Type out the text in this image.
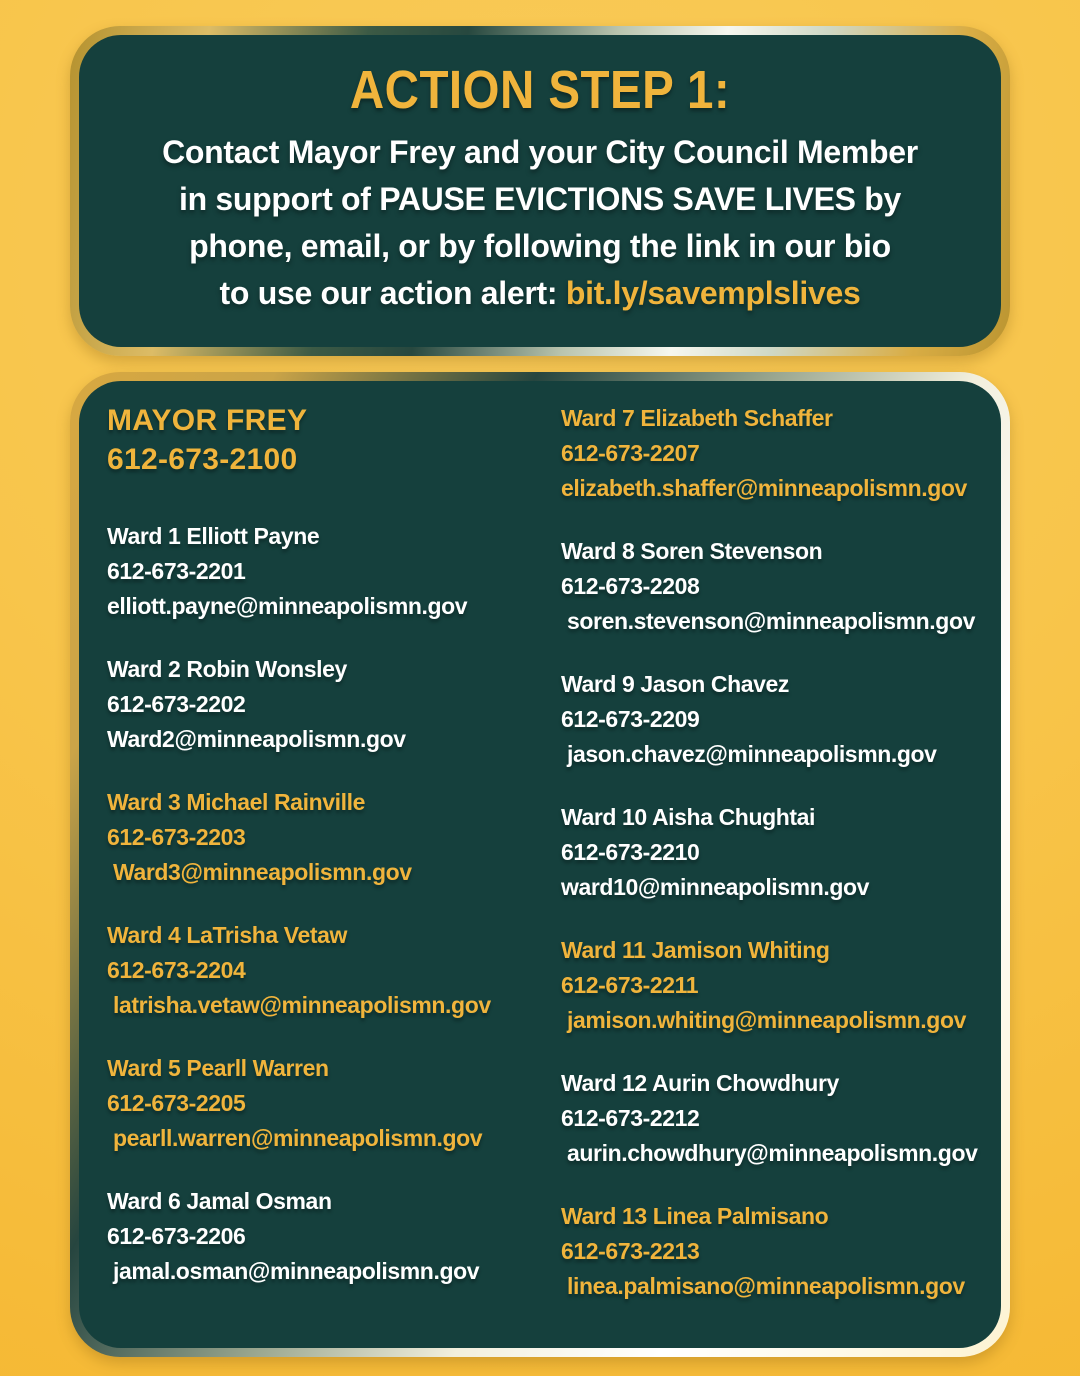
ACTION STEP 1:
Contact Mayor Frey and your City Council Member
in support of PAUSE EVICTIONS SAVE LIVES by
phone, email, or by following the link in our bio
to use our action alert: bit.ly/savemplslives
MAYOR FREY
612-673-2100
Ward 1 Elliott Payne
612-673-2201
elliott.payne@minneapolismn.gov
Ward 2 Robin Wonsley
612-673-2202
Ward2@minneapolismn.gov
Ward 3 Michael Rainville
612-673-2203
Ward3@minneapolismn.gov
Ward 4 LaTrisha Vetaw
612-673-2204
latrisha.vetaw@minneapolismn.gov
Ward 5 Pearll Warren
612-673-2205
pearll.warren@minneapolismn.gov
Ward 6 Jamal Osman
612-673-2206
jamal.osman@minneapolismn.gov
Ward 7 Elizabeth Schaffer
612-673-2207
elizabeth.shaffer@minneapolismn.gov
Ward 8 Soren Stevenson
612-673-2208
soren.stevenson@minneapolismn.gov
Ward 9 Jason Chavez
612-673-2209
jason.chavez@minneapolismn.gov
Ward 10 Aisha Chughtai
612-673-2210
ward10@minneapolismn.gov
Ward 11 Jamison Whiting
612-673-2211
jamison.whiting@minneapolismn.gov
Ward 12 Aurin Chowdhury
612-673-2212
aurin.chowdhury@minneapolismn.gov
Ward 13 Linea Palmisano
612-673-2213
linea.palmisano@minneapolismn.gov
